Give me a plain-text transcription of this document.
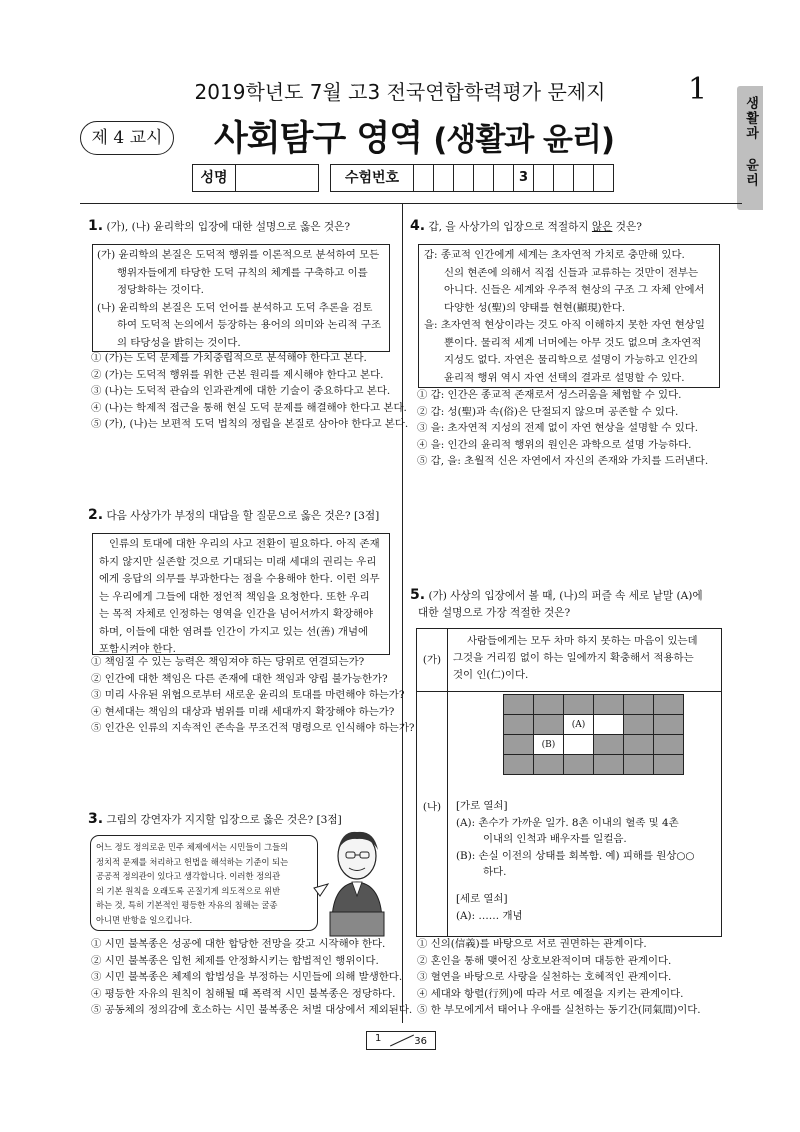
2019학년도 7월 고3 전국연합학력평가 문제지	1
제 4 교시	사회탐구 영역 (생활과 윤리)	생활과 윤리
성명	수험번호	3
1. (가), (나) 윤리학의 입장에 대한 설명으로 옳은 것은?
(가) 윤리학의 본질은 도덕적 행위를 이론적으로 분석하여 모든
행위자들에게 타당한 도덕 규칙의 체계를 구축하고 이를
정당화하는 것이다.
(나) 윤리학의 본질은 도덕 언어를 분석하고 도덕 추론을 검토
하여 도덕적 논의에서 등장하는 용어의 의미와 논리적 구조
의 타당성을 밝히는 것이다.
① (가)는 도덕 문제를 가치중립적으로 분석해야 한다고 본다.
② (가)는 도덕적 행위를 위한 근본 원리를 제시해야 한다고 본다.
③ (나)는 도덕적 관습의 인과관계에 대한 기술이 중요하다고 본다.
④ (나)는 학제적 접근을 통해 현실 도덕 문제를 해결해야 한다고 본다.
⑤ (가), (나)는 보편적 도덕 법칙의 정립을 본질로 삼아야 한다고 본다.
2. 다음 사상가가 부정의 대답을 할 질문으로 옳은 것은? [3점]
인류의 토대에 대한 우리의 사고 전환이 필요하다. 아직 존재
하지 않지만 실존할 것으로 기대되는 미래 세대의 권리는 우리
에게 응답의 의무를 부과한다는 점을 수용해야 한다. 이런 의무
는 우리에게 그들에 대한 정언적 책임을 요청한다. 또한 우리
는 목적 자체로 인정하는 영역을 인간을 넘어서까지 확장해야
하며, 이들에 대한 염려를 인간이 가지고 있는 선(善) 개념에
포함시켜야 한다.
① 책임질 수 있는 능력은 책임져야 하는 당위로 연결되는가?
② 인간에 대한 책임은 다른 존재에 대한 책임과 양립 불가능한가?
③ 미리 사유된 위협으로부터 새로운 윤리의 토대를 마련해야 하는가?
④ 현세대는 책임의 대상과 범위를 미래 세대까지 확장해야 하는가?
⑤ 인간은 인류의 지속적인 존속을 무조건적 명령으로 인식해야 하는가?
3. 그림의 강연자가 지지할 입장으로 옳은 것은? [3점]
어느 정도 정의로운 민주 체제에서는 시민들이 그들의
정치적 문제를 처리하고 헌법을 해석하는 기준이 되는
공공적 정의관이 있다고 생각합니다. 이러한 정의관
의 기본 원칙을 오래도록 곤질기게 의도적으로 위반
하는 것, 특히 기본적인 평등한 자유의 침해는 굴종
아니면 반항을 일으킵니다.
① 시민 불복종은 성공에 대한 합당한 전망을 갖고 시작해야 한다.
② 시민 불복종은 입헌 체제를 안정화시키는 합법적인 행위이다.
③ 시민 불복종은 체제의 합법성을 부정하는 시민들에 의해 발생한다.
④ 평등한 자유의 원칙이 침해될 때 폭력적 시민 불복종은 정당하다.
⑤ 공동체의 정의감에 호소하는 시민 불복종은 처벌 대상에서 제외된다.
4. 갑, 을 사상가의 입장으로 적절하지 않은 것은?
갑: 종교적 인간에게 세계는 초자연적 가치로 충만해 있다.
신의 현존에 의해서 직접 신들과 교류하는 것만이 전부는
아니다. 신들은 세계와 우주적 현상의 구조 그 자체 안에서
다양한 성(聖)의 양태를 현현(顯現)한다.
을: 초자연적 현상이라는 것도 아직 이해하지 못한 자연 현상일
뿐이다. 물리적 세계 너머에는 아무 것도 없으며 초자연적
지성도 없다. 자연은 물리학으로 설명이 가능하고 인간의
윤리적 행위 역시 자연 선택의 결과로 설명할 수 있다.
① 갑: 인간은 종교적 존재로서 성스러움을 체험할 수 있다.
② 갑: 성(聖)과 속(俗)은 단절되지 않으며 공존할 수 있다.
③ 을: 초자연적 지성의 전제 없이 자연 현상을 설명할 수 있다.
④ 을: 인간의 윤리적 행위의 원인은 과학으로 설명 가능하다.
⑤ 갑, 을: 초월적 신은 자연에서 자신의 존재와 가치를 드러낸다.
5. (가) 사상의 입장에서 볼 때, (나)의 퍼즐 속 세로 낱말 (A)에
대한 설명으로 가장 적절한 것은?
(가)
사람들에게는 모두 차마 하지 못하는 마음이 있는데
그것을 거리낌 없이 하는 일에까지 확충해서 적용하는
것이 인(仁)이다.
(나)

		(A)			
	(B)				

[가로 열쇠]
(A): 촌수가 가까운 일가. 8촌 이내의 혈족 및 4촌
이내의 인척과 배우자를 일컬음.
(B): 손실 이전의 상태를 회복함. 예) 피해를 원상○○
하다.
[세로 열쇠]
(A): …… 개념
① 신의(信義)를 바탕으로 서로 권면하는 관계이다.
② 혼인을 통해 맺어진 상호보완적이며 대등한 관계이다.
③ 혈연을 바탕으로 사랑을 실천하는 호혜적인 관계이다.
④ 세대와 항렬(行列)에 따라 서로 예절을 지키는 관계이다.
⑤ 한 부모에게서 태어나 우애를 실천하는 동기간(同氣間)이다.
1	36
